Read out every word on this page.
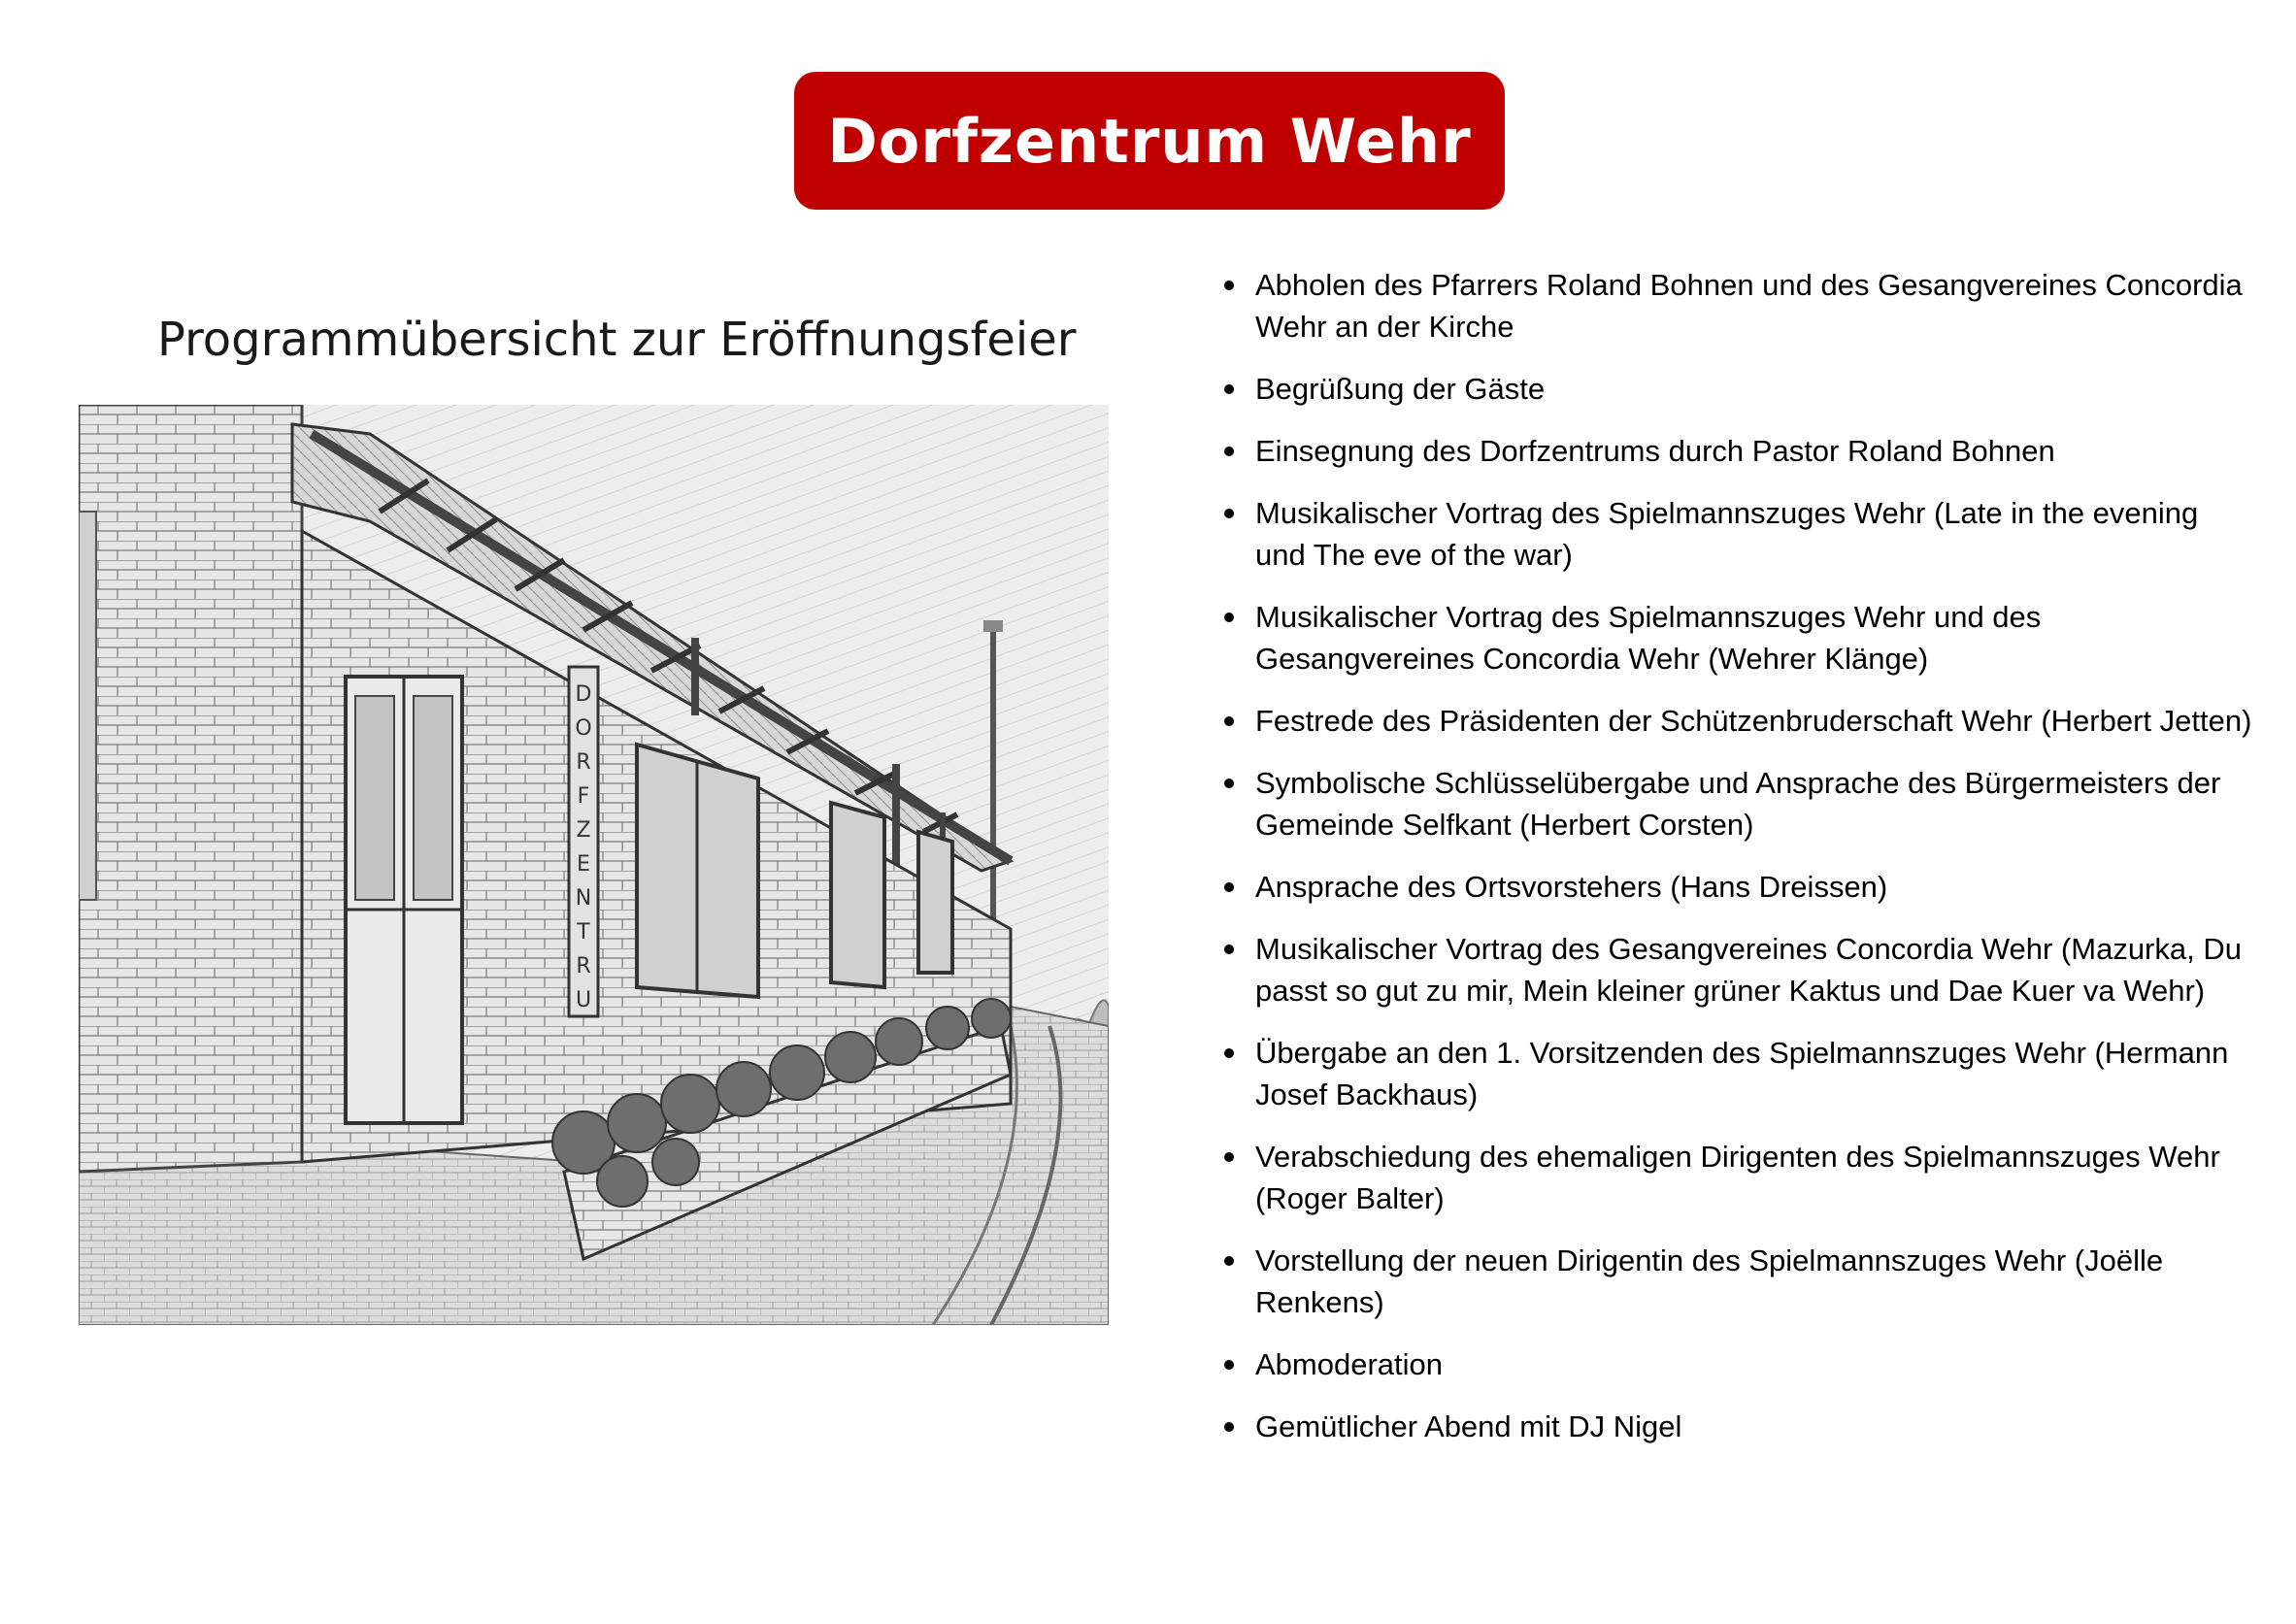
Dorfzentrum Wehr
Programmübersicht zur Eröffnungsfeier
D
O
R
F
Z
E
N
T
R
U
Abholen des Pfarrers Roland Bohnen und des Gesangvereines Concordia Wehr an der Kirche
Begrüßung der Gäste
Einsegnung des Dorfzentrums durch Pastor Roland Bohnen
Musikalischer Vortrag des Spielmannszuges Wehr (Late in the evening und The eve of the war)
Musikalischer Vortrag des Spielmannszuges Wehr und des Gesangvereines Concordia Wehr (Wehrer Klänge)
Festrede des Präsidenten der Schützenbruderschaft Wehr (Herbert Jetten)
Symbolische Schlüsselübergabe und Ansprache des Bürgermeisters der Gemeinde Selfkant (Herbert Corsten)
Ansprache des Ortsvorstehers (Hans Dreissen)
Musikalischer Vortrag des Gesangvereines Concordia Wehr (Mazurka, Du passt so gut zu mir, Mein kleiner grüner Kaktus und Dae Kuer va Wehr)
Übergabe an den 1. Vorsitzenden des Spielmannszuges Wehr (Hermann Josef Backhaus)
Verabschiedung des ehemaligen Dirigenten des Spielmannszuges Wehr (Roger Balter)
Vorstellung der neuen Dirigentin des Spielmannszuges Wehr (Joëlle Renkens)
Abmoderation
Gemütlicher Abend mit DJ Nigel
